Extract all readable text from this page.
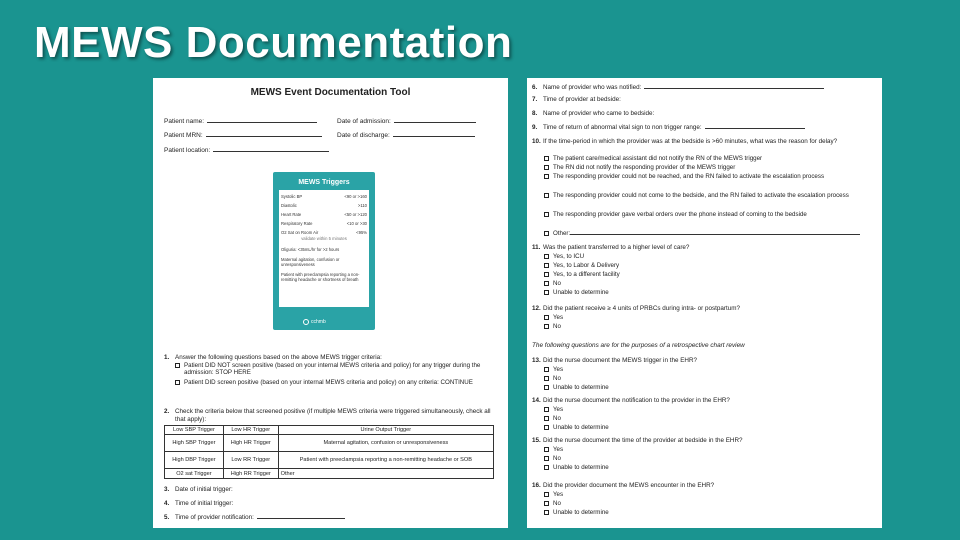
MEWS Documentation
MEWS Event Documentation Tool
Patient name:	Date of admission:
Patient MRN:	Date of discharge:
Patient location:
MEWS Triggers
Systolic BP	<90 or >160
Diastolic	>110
Heart Rate	<50 or >120
Respiratory Rate	<10 or >30
O2 Sat on Room Air	<95%
validate within 5 minutes
Oliguria: <35mL/hr for >2 hours
Maternal agitation, confusion or unresponsiveness
Patient with preeclampsia reporting a non-remitting headache or shortness of breath
cchmb
1. Answer the following questions based on the above MEWS trigger criteria:
Patient DID NOT screen positive (based on your internal MEWS criteria and policy) for any trigger during the admission: STOP HERE
Patient DID screen positive (based on your internal MEWS criteria and policy) on any criteria: CONTINUE
2. Check the criteria below that screened positive (if multiple MEWS criteria were triggered simultaneously, check all that apply):
Low SBP Trigger	Low HR Trigger	Urine Output Trigger
High SBP Trigger	High HR Trigger	Maternal agitation, confusion or unresponsiveness
High DBP Trigger	Low RR Trigger	Patient with preeclampsia reporting a non-remitting headache or SOB
O2 sat Trigger	High RR Trigger	Other
3. Date of initial trigger:
4. Time of initial trigger:
5. Time of provider notification:
6. Name of provider who was notified:
7. Time of provider at bedside:
8. Name of provider who came to bedside:
9. Time of return of abnormal vital sign to non trigger range:
10. If the time-period in which the provider was at the bedside is >60 minutes, what was the reason for delay?
The patient care/medical assistant did not notify the RN of the MEWS trigger
The RN did not notify the responding provider of the MEWS trigger
The responding provider could not be reached, and the RN failed to activate the escalation process
The responding provider could not come to the bedside, and the RN failed to activate the escalation process
The responding provider gave verbal orders over the phone instead of coming to the bedside
Other:
11. Was the patient transferred to a higher level of care?
Yes, to ICU
Yes, to Labor & Delivery
Yes, to a different facility
No
Unable to determine
12. Did the patient receive ≥ 4 units of PRBCs during intra- or postpartum?
Yes
No
The following questions are for the purposes of a retrospective chart review
13. Did the nurse document the MEWS trigger in the EHR?
Yes
No
Unable to determine
14. Did the nurse document the notification to the provider in the EHR?
Yes
No
Unable to determine
15. Did the nurse document the time of the provider at bedside in the EHR?
Yes
No
Unable to determine
16. Did the provider document the MEWS encounter in the EHR?
Yes
No
Unable to determine
